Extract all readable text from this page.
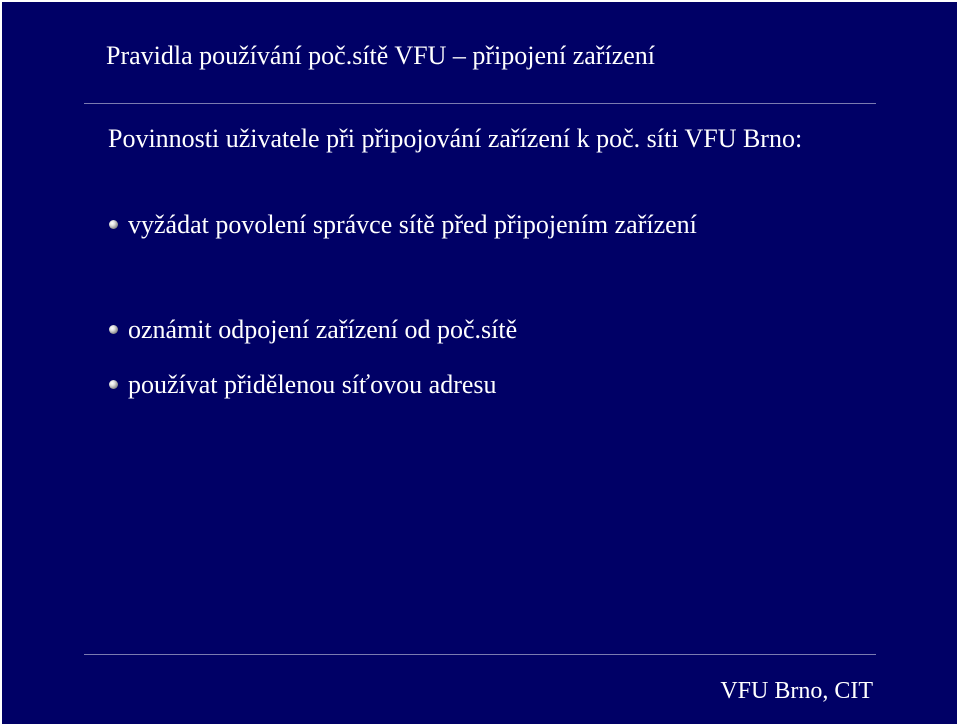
Pravidla používání poč.sítě VFU – připojení zařízení
Povinnosti uživatele při připojování zařízení k poč. síti VFU Brno:
vyžádat povolení správce sítě před připojením zařízení
oznámit odpojení zařízení od poč.sítě
používat přidělenou síťovou adresu
VFU Brno, CIT
